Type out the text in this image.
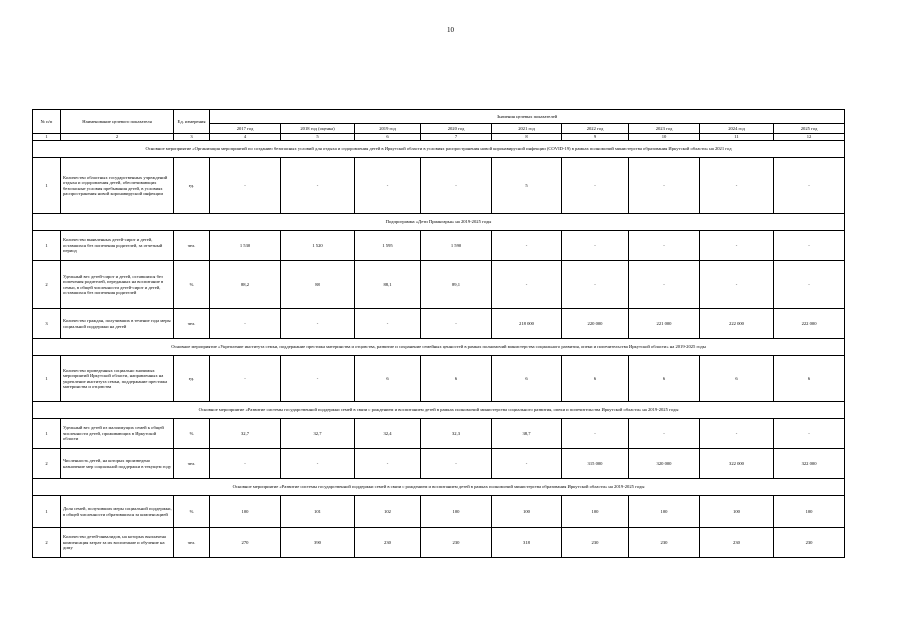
10
№ п/п	Наименование целевого показателя	Ед. измерения	Значения целевых показателей								
			2017 год	2018 год (оценка)	2019 год	2020 год	2021 год	2022 год	2023 год	2024 год	2025 год
1	2	3	4	5	6	7	8	9	10	11	12
Основное мероприятие «Организация мероприятий по созданию безопасных условий для отдыха и оздоровления детей в Иркутской области в условиях распространения новой коронавирусной инфекции (COVID-19) в рамках полномочий министерства образования Иркутской области» на 2021 год											
1	Количество областных государственных учреждений отдыха и оздоровления детей, обеспечивающих безопасные условия пребывания детей, в условиях распространения новой коронавирусной инфекции	ед.	-	-	-	-	5	-	-	-	-
Подпрограмма «Дети Приангарья» на 2019-2025 годы											
1	Количество выявленных детей-сирот и детей, оставшихся без попечения родителей, за отчетный период	чел.	1 530	1 520	1 595	1 590	-	-	-	-	-
2	Удельный вес детей-сирот и детей, оставшихся без попечения родителей, переданных на воспитание в семьи, в общей численности детей-сирот и детей, оставшихся без попечения родителей	%	88,2	88	88,1	89,1	-	-	-	-	-
3	Количество граждан, получивших в течение года меры социальной поддержки на детей	чел.	-	-	-	-	218 000	220 000	221 000	222 000	222 000
Основное мероприятие «Укрепление института семьи, поддержание престижа материнства и отцовства, развитие и сохранение семейных ценностей в рамках полномочий министерства социального развития, опеки и попечительства Иркутской области» на 2019-2025 годы											
1	Количество проведенных социально значимых мероприятий Иркутской области, направленных на укрепление института семьи, поддержание престижа материнства и отцовства	ед.	-	-	6	6	6	6	6	6	6
Основное мероприятие «Развитие системы государственной поддержки семей в связи с рождением и воспитанием детей в рамках полномочий министерства социального развития, опеки и попечительства Иркутской области» на 2019-2025 годы											
1	Удельный вес детей из малоимущих семей к общей численности детей, проживающих в Иркутской области	%	32,7	32,7	32,4	32,3	38,7	-	-	-	-
2	Численность детей, на которых произведено назначение мер социальной поддержки в текущем году	чел.	-	-	-	-	-	315 000	320 000	322 000	322 000
Основное мероприятие «Развитие системы государственной поддержки семей в связи с рождением и воспитанием детей в рамках полномочий министерства образования Иркутской области» на 2019-2025 годы											
1	Доля семей, получивших меры социальной поддержки, в общей численности обратившихся за компенсацией	%	100	101	102	100	100	100	100	100	100
2	Количество детей-инвалидов, на которых выплачена компенсация затрат за их воспитание и обучение на дому	чел.	270	390	230	230	318	230	230	230	230
